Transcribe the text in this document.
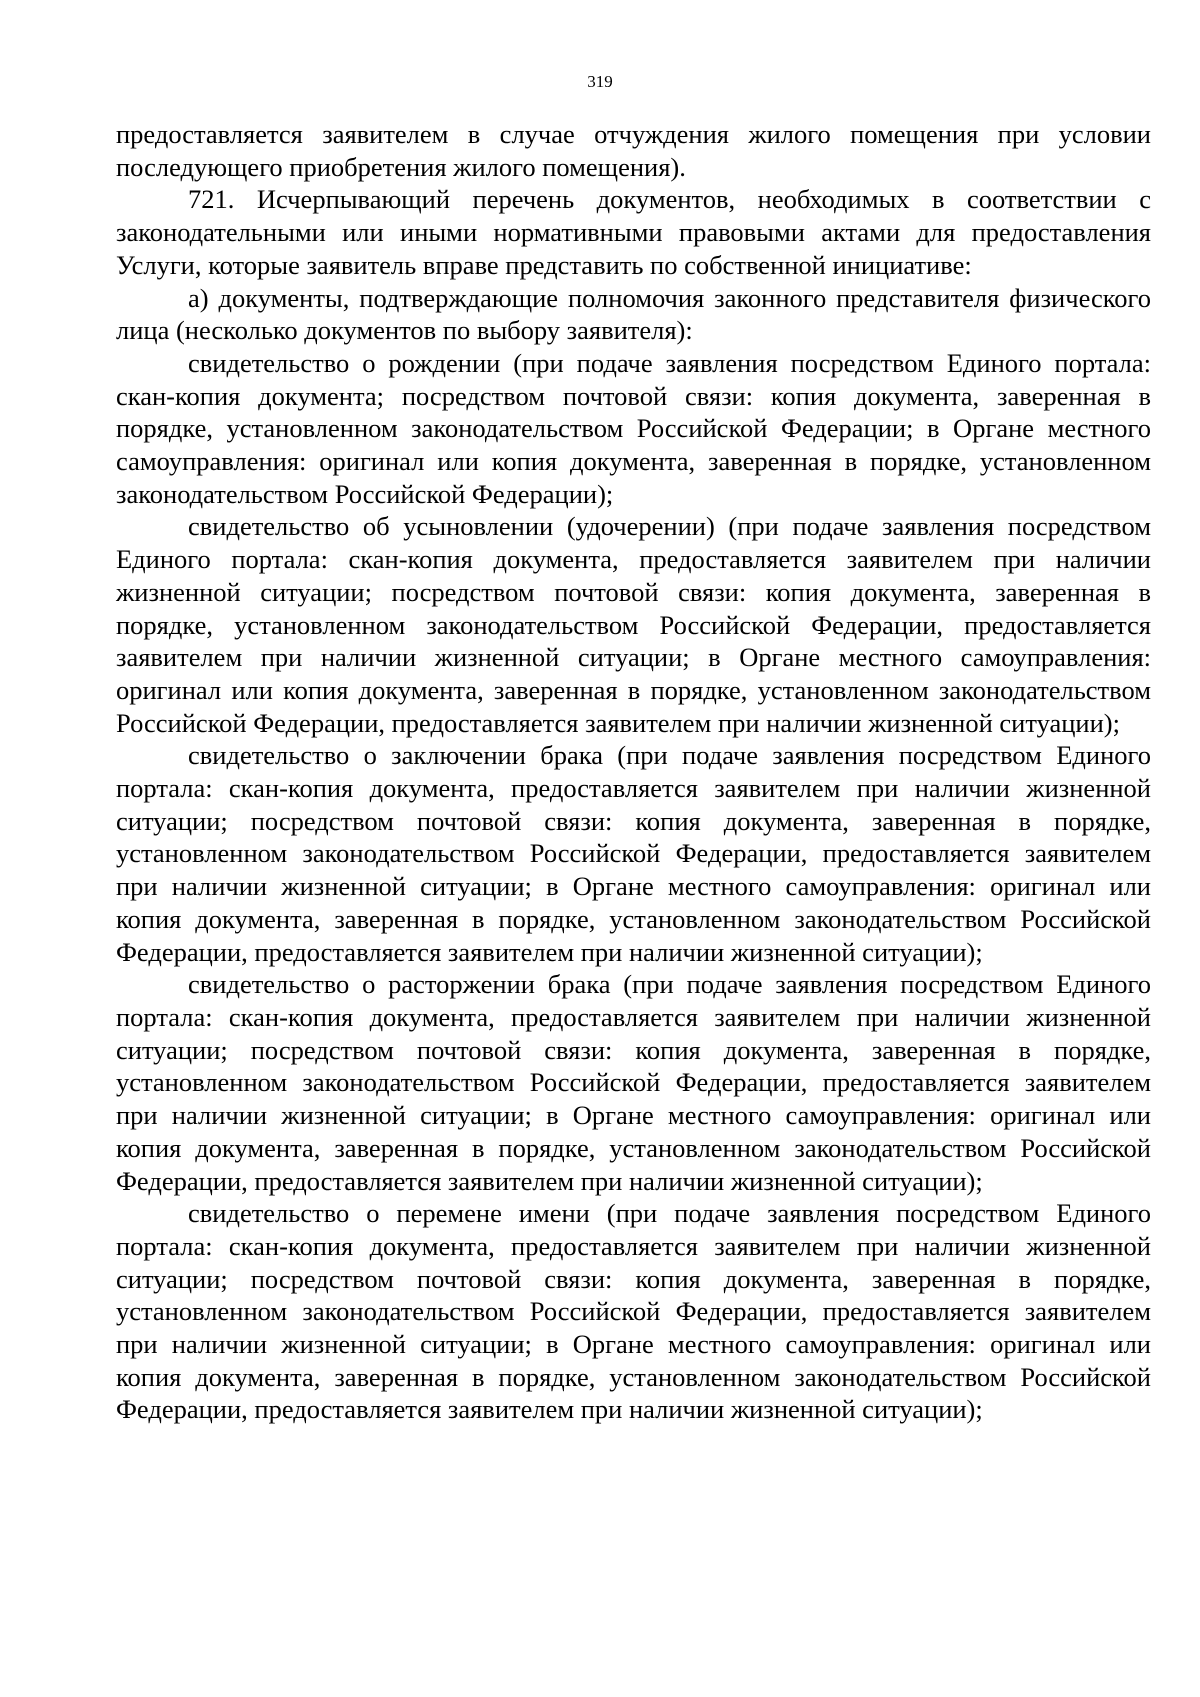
319

предоставляется заявителем в случае отчуждения жилого помещения при условии последующего приобретения жилого помещения).

721. Исчерпывающий перечень документов, необходимых в соответствии с законодательными или иными нормативными правовыми актами для предоставления Услуги, которые заявитель вправе представить по собственной инициативе:

а) документы, подтверждающие полномочия законного представителя физического лица (несколько документов по выбору заявителя):

свидетельство о рождении (при подаче заявления посредством Единого портала: скан-копия документа; посредством почтовой связи: копия документа, заверенная в порядке, установленном законодательством Российской Федерации; в Органе местного самоуправления: оригинал или копия документа, заверенная в порядке, установленном законодательством Российской Федерации);

свидетельство об усыновлении (удочерении) (при подаче заявления посредством Единого портала: скан-копия документа, предоставляется заявителем при наличии жизненной ситуации; посредством почтовой связи: копия документа, заверенная в порядке, установленном законодательством Российской Федерации, предоставляется заявителем при наличии жизненной ситуации; в Органе местного самоуправления: оригинал или копия документа, заверенная в порядке, установленном законодательством Российской Федерации, предоставляется заявителем при наличии жизненной ситуации);

свидетельство о заключении брака (при подаче заявления посредством Единого портала: скан-копия документа, предоставляется заявителем при наличии жизненной ситуации; посредством почтовой связи: копия документа, заверенная в порядке, установленном законодательством Российской Федерации, предоставляется заявителем при наличии жизненной ситуации; в Органе местного самоуправления: оригинал или копия документа, заверенная в порядке, установленном законодательством Российской Федерации, предоставляется заявителем при наличии жизненной ситуации);

свидетельство о расторжении брака (при подаче заявления посредством Единого портала: скан-копия документа, предоставляется заявителем при наличии жизненной ситуации; посредством почтовой связи: копия документа, заверенная в порядке, установленном законодательством Российской Федерации, предоставляется заявителем при наличии жизненной ситуации; в Органе местного самоуправления: оригинал или копия документа, заверенная в порядке, установленном законодательством Российской Федерации, предоставляется заявителем при наличии жизненной ситуации);

свидетельство о перемене имени (при подаче заявления посредством Единого портала: скан-копия документа, предоставляется заявителем при наличии жизненной ситуации; посредством почтовой связи: копия документа, заверенная в порядке, установленном законодательством Российской Федерации, предоставляется заявителем при наличии жизненной ситуации; в Органе местного самоуправления: оригинал или копия документа, заверенная в порядке, установленном законодательством Российской Федерации, предоставляется заявителем при наличии жизненной ситуации);
